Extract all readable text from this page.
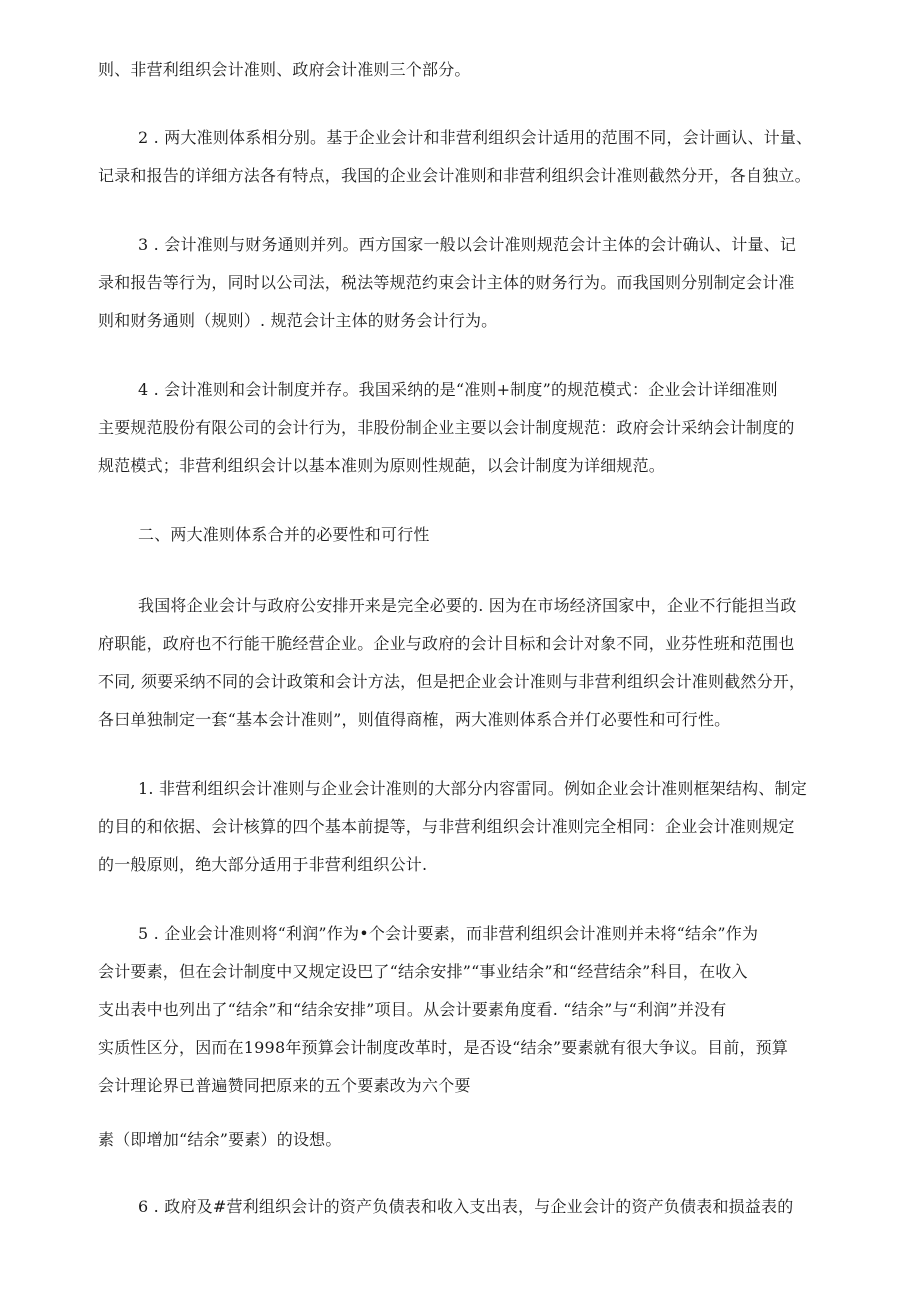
则、非营利组织会计准则、政府会计准则三个部分。
2 . 两大准则体系相分别。基于企业会计和非营利组织会计适用的范围不同，会计画认、计量、
记录和报告的详细方法各有特点，我国的企业会计准则和非营利组织会计准则截然分开，各自独立。
3 . 会计准则与财务通则并列。西方国家一般以会计准则规范会计主体的会计确认、计量、记
录和报告等行为，同时以公司法，税法等规范约束会计主体的财务行为。而我国则分别制定会计准
则和财务通则（规则）. 规范会计主体的财务会计行为。
4 . 会计准则和会计制度并存。我国采纳的是“准则+制度”的规范模式：企业会计详细准则
主要规范股份有限公司的会计行为，非股份制企业主要以会计制度规范：政府会计采纳会计制度的
规范模式；非营利组织会计以基本准则为原则性规葩，以会计制度为详细规范。
二、两大准则体系合并的必要性和可行性
我国将企业会计与政府公安排开来是完全必要的. 因为在市场经济国家中，企业不行能担当政
府职能，政府也不行能干脆经营企业。企业与政府的会计目标和会计对象不同，业芬性班和范围也
不同, 须要采纳不同的会计政策和会计方法，但是把企业会计准则与非营利组织会计准则截然分开，
各曰单独制定一套“基本会计准则”，则值得商榷，两大准则体系合并仃必要性和可行性。
1. 非营利组织会计准则与企业会计准则的大部分内容雷同。例如企业会计准则框架结构、制定
的目的和依据、会计核算的四个基本前提等，与非营利组织会计准则完全相同：企业会计准则规定
的一般原则，绝大部分适用于非营利组织公计.
5 . 企业会计准则将“利润”作为•个会计要素，而非营利组织会计准则并未将“结余”作为
会计要素，但在会计制度中又规定设巴了“结余安排”“事业结余”和“经营结余”科目，在收入
支出表中也列出了“结余”和“结余安排”项目。从会计要素角度看. “结余”与“利润”并没有
实质性区分，因而在1998年预算会计制度改革时，是否设“结余”要素就有很大争议。目前，预算
会计理论界已普遍赞同把原来的五个要素改为六个要
素（即增加“结余”要素）的设想。
6 . 政府及#营利组织会计的资产负债表和收入支出表，与企业会计的资产负债表和损益表的
